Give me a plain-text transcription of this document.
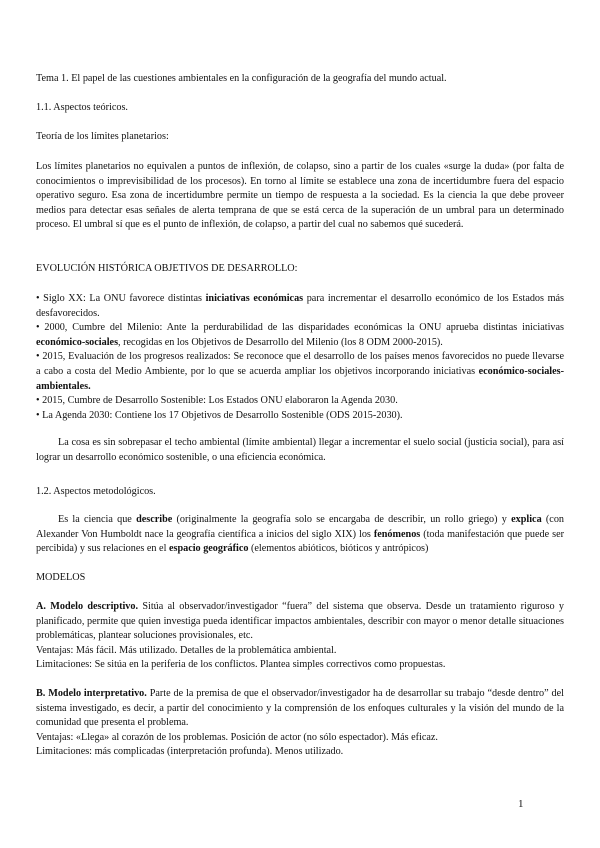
Tema 1. El papel de las cuestiones ambientales en la configuración de la geografía del mundo actual.
1.1. Aspectos teóricos.
Teoría de los límites planetarios:
Los límites planetarios no equivalen a puntos de inflexión, de colapso, sino a partir de los cuales «surge la duda» (por falta de conocimientos o imprevisibilidad de los procesos). En torno al límite se establece una zona de incertidumbre fuera del espacio operativo seguro. Esa zona de incertidumbre permite un tiempo de respuesta a la sociedad. Es la ciencia la que debe proveer medios para detectar esas señales de alerta temprana de que se está cerca de la superación de un umbral para un determinado proceso. El umbral sí que es el punto de inflexión, de colapso, a partir del cual no sabemos qué sucederá.
EVOLUCIÓN HISTÓRICA OBJETIVOS DE DESARROLLO:
• Siglo XX: La ONU favorece distintas iniciativas económicas para incrementar el desarrollo económico de los Estados más desfavorecidos.
• 2000, Cumbre del Milenio: Ante la perdurabilidad de las disparidades económicas la ONU aprueba distintas iniciativas económico-sociales, recogidas en los Objetivos de Desarrollo del Milenio (los 8 ODM 2000-2015).
• 2015, Evaluación de los progresos realizados: Se reconoce que el desarrollo de los países menos favorecidos no puede llevarse a cabo a costa del Medio Ambiente, por lo que se acuerda ampliar los objetivos incorporando iniciativas económico-sociales-ambientales.
• 2015, Cumbre de Desarrollo Sostenible: Los Estados ONU elaboraron la Agenda 2030.
• La Agenda 2030: Contiene los 17 Objetivos de Desarrollo Sostenible (ODS 2015-2030).
La cosa es sin sobrepasar el techo ambiental (límite ambiental) llegar a incrementar el suelo social (justicia social), para así lograr un desarrollo económico sostenible, o una eficiencia económica.
1.2. Aspectos metodológicos.
Es la ciencia que describe (originalmente la geografía solo se encargaba de describir, un rollo griego) y explica (con Alexander Von Humboldt nace la geografía científica a inicios del siglo XIX) los fenómenos (toda manifestación que puede ser percibida) y sus relaciones en el espacio geográfico (elementos abióticos, bióticos y antrópicos)
MODELOS
A. Modelo descriptivo. Sitúa al observador/investigador “fuera” del sistema que observa. Desde un tratamiento riguroso y planificado, permite que quien investiga pueda identificar impactos ambientales, describir con mayor o menor detalle situaciones problemáticas, plantear soluciones provisionales, etc.
Ventajas: Más fácil. Más utilizado. Detalles de la problemática ambiental.
Limitaciones: Se sitúa en la periferia de los conflictos. Plantea simples correctivos como propuestas.
B. Modelo interpretativo. Parte de la premisa de que el observador/investigador ha de desarrollar su trabajo “desde dentro” del sistema investigado, es decir, a partir del conocimiento y la comprensión de los enfoques culturales y la visión del mundo de la comunidad que presenta el problema.
Ventajas: «Llega» al corazón de los problemas. Posición de actor (no sólo espectador). Más eficaz.
Limitaciones: más complicadas (interpretación profunda). Menos utilizado.
1
